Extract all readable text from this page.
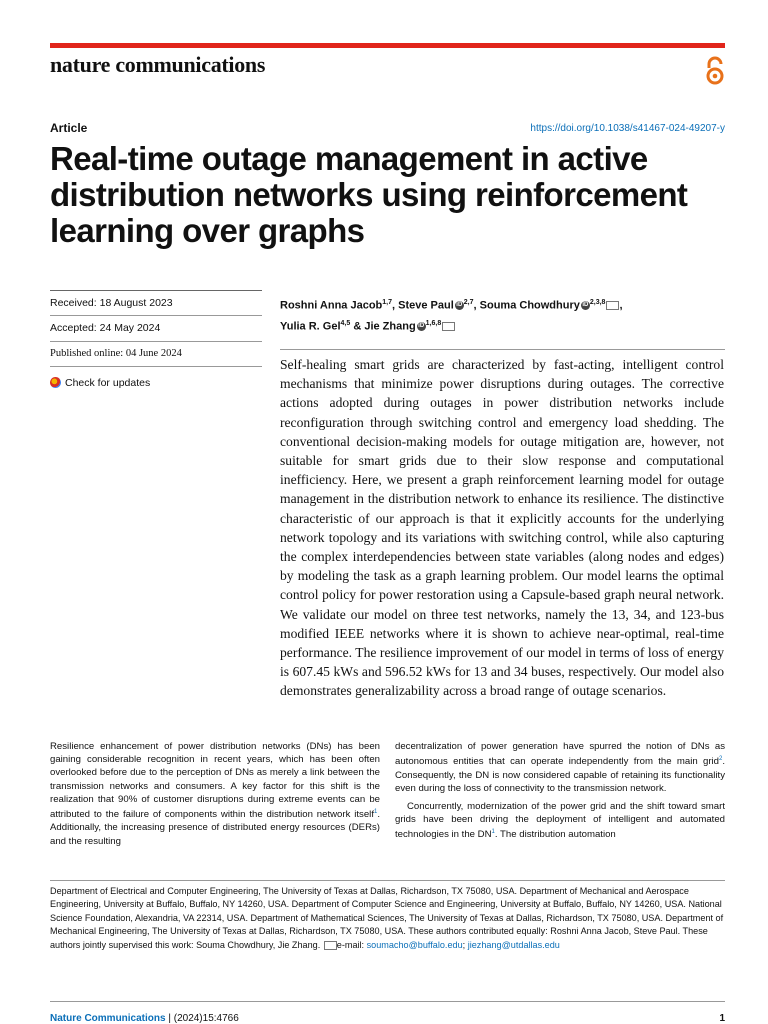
nature communications
Article	https://doi.org/10.1038/s41467-024-49207-y
Real-time outage management in active distribution networks using reinforcement learning over graphs
Received: 18 August 2023
Accepted: 24 May 2024
Published online: 04 June 2024
Check for updates
Roshni Anna Jacob$^{1,7}$, Steve Paul iD $^{2,7}$, Souma Chowdhury iD $^{2,3,8}$ ,
Yulia R. Gel$^{4,5}$ & Jie Zhang iD $^{1,6,8}$

Self-healing smart grids are characterized by fast-acting, intelligent control mechanisms that minimize power disruptions during outages. The corrective actions adopted during outages in power distribution networks include reconfiguration through switching control and emergency load shedding. The conventional decision-making models for outage mitigation are, however, not suitable for smart grids due to their slow response and computational inefficiency. Here, we present a graph reinforcement learning model for outage management in the distribution network to enhance its resilience. The distinctive characteristic of our approach is that it explicitly accounts for the underlying network topology and its variations with switching control, while also capturing the complex interdependencies between state variables (along nodes and edges) by modeling the task as a graph learning problem. Our model learns the optimal control policy for power restoration using a Capsule-based graph neural network. We validate our model on three test networks, namely the 13, 34, and 123-bus modified IEEE networks where it is shown to achieve near-optimal, real-time performance. The resilience improvement of our model in terms of loss of energy is 607.45 kWs and 596.52 kWs for 13 and 34 buses, respectively. Our model also demonstrates generalizability across a broad range of outage scenarios.

Resilience enhancement of power distribution networks (DNs) has been gaining considerable recognition in recent years, which has been often overlooked before due to the perception of DNs as merely a link between the transmission networks and consumers. A key factor for this shift is the realization that 90% of customer disruptions during extreme events can be attributed to the failure of components within the distribution network itself$^1$. Additionally, the increasing presence of distributed energy resources (DERs) and the resulting

decentralization of power generation have spurred the notion of DNs as autonomous entities that can operate independently from the main grid$^2$. Consequently, the DN is now considered capable of retaining its functionality even during the loss of connectivity to the transmission network.

Concurrently, modernization of the power grid and the shift toward smart grids have been driving the deployment of intelligent and automated technologies in the $DN^1$. The distribution automation

Department of Electrical and Computer Engineering, The University of Texas at Dallas, Richardson, TX 75080, USA. Department of Mechanical and Aerospace Engineering, University at Buffalo, Buffalo, NY 14260, USA. Department of Computer Science and Engineering, University at Buffalo, Buffalo, NY 14260, USA. National Science Foundation, Alexandria, VA 22314, USA. Department of Mathematical Sciences, The University of Texas at Dallas, Richardson, TX 75080, USA. Department of Mechanical Engineering, The University of Texas at Dallas, Richardson, TX 75080, USA. These authors contributed equally: Roshni Anna Jacob, Steve Paul. These authors jointly supervised this work: Souma Chowdhury, Jie Zhang. e-mail: soumacho@buffalo.edu; jiezhang@utdallas.edu
Nature Communications | (2024)15:4766	1
